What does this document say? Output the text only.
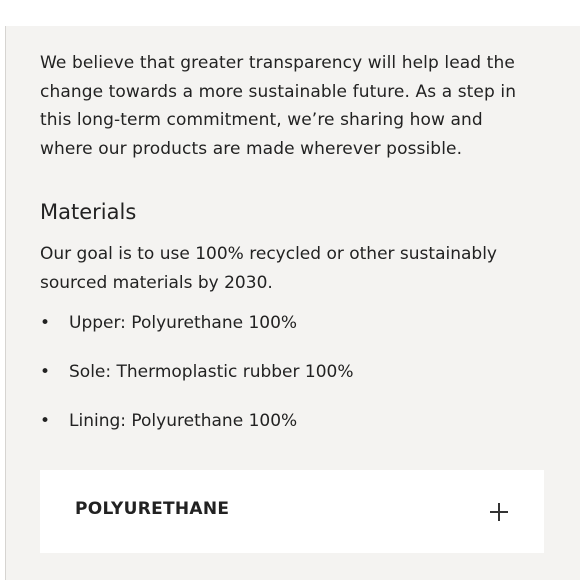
We believe that greater transparency will help lead the
change towards a more sustainable future. As a step in
this long-term commitment, we’re sharing how and
where our products are made wherever possible.

Materials

Our goal is to use 100% recycled or other sustainably
sourced materials by 2030.

• Upper: Polyurethane 100%
• Sole: Thermoplastic rubber 100%
• Lining: Polyurethane 100%
POLYURETHANE
